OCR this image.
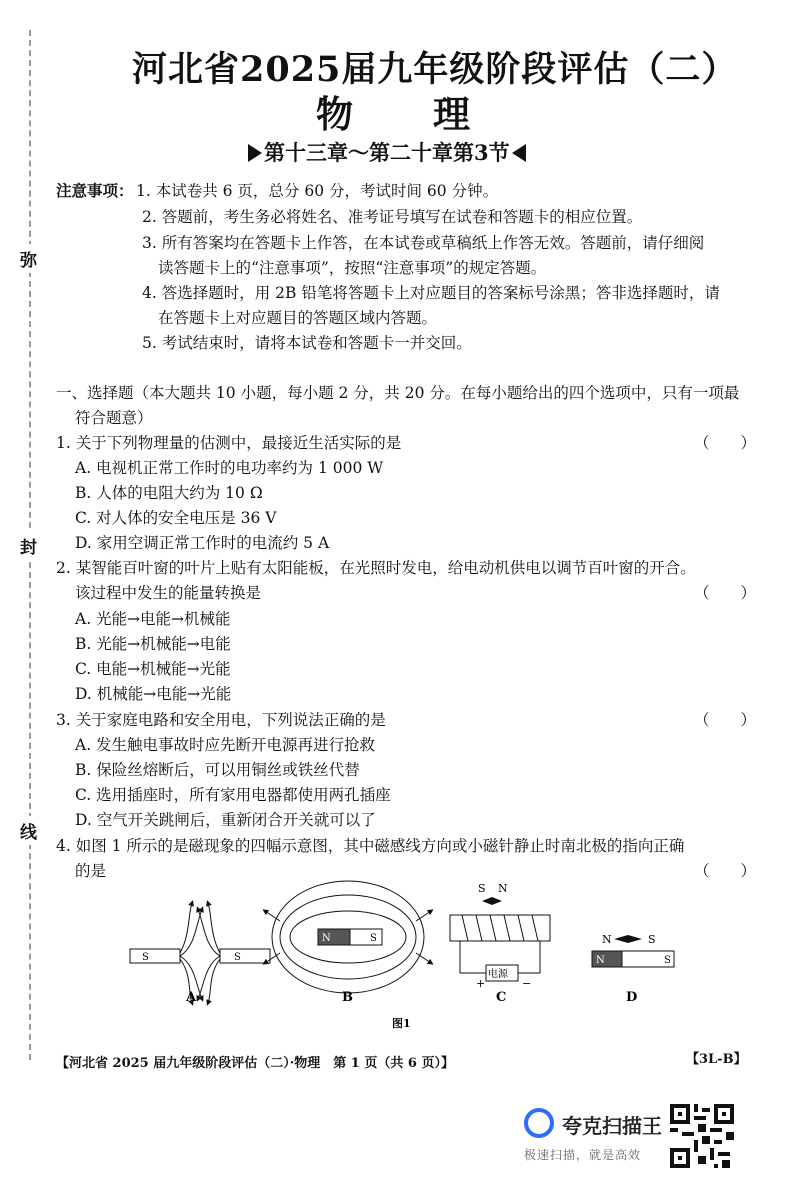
弥
封
线
河北省2025届九年级阶段评估（二）
物理
第十三章～第二十章第3节
注意事项： 1. 本试卷共 6 页，总分 60 分，考试时间 60 分钟。
2. 答题前，考生务必将姓名、准考证号填写在试卷和答题卡的相应位置。
3. 所有答案均在答题卡上作答，在本试卷或草稿纸上作答无效。答题前，请仔细阅
读答题卡上的“注意事项”，按照“注意事项”的规定答题。
4. 答选择题时，用 2B 铅笔将答题卡上对应题目的答案标号涂黑；答非选择题时，请
在答题卡上对应题目的答题区域内答题。
5. 考试结束时，请将本试卷和答题卡一并交回。
一、选择题（本大题共 10 小题，每小题 2 分，共 20 分。在每小题给出的四个选项中，只有一项最
符合题意）
1. 关于下列物理量的估测中，最接近生活实际的是	（　　）
A. 电视机正常工作时的电功率约为 1 000 W
B. 人体的电阻大约为 10 Ω
C. 对人体的安全电压是 36 V
D. 家用空调正常工作时的电流约 5 A
2. 某智能百叶窗的叶片上贴有太阳能板，在光照时发电，给电动机供电以调节百叶窗的开合。
该过程中发生的能量转换是	（　　）
A. 光能→电能→机械能
B. 光能→机械能→电能
C. 电能→机械能→光能
D. 机械能→电能→光能
3. 关于家庭电路和安全用电，下列说法正确的是	（　　）
A. 发生触电事故时应先断开电源再进行抢救
B. 保险丝熔断后，可以用铜丝或铁丝代替
C. 选用插座时，所有家用电器都使用两孔插座
D. 空气开关跳闸后，重新闭合开关就可以了
4. 如图 1 所示的是磁现象的四幅示意图，其中磁感线方向或小磁针静止时南北极的指向正确
的是	（　　）
S	S
A
N	S
B
S N
电源
+	−
C
N	S
N	S
D
图1
【河北省 2025 届九年级阶段评估（二）·物理　第 1 页（共 6 页）】	【3L-B】
夸克扫描王
极速扫描，就是高效
